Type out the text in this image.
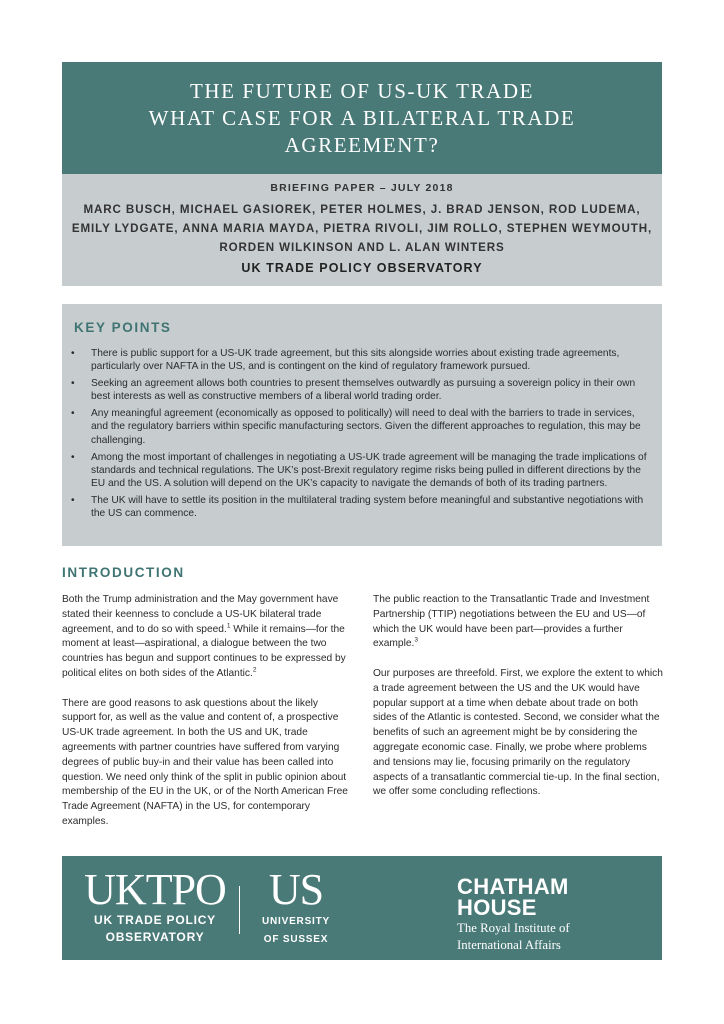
THE FUTURE OF US-UK TRADE
WHAT CASE FOR A BILATERAL TRADE
AGREEMENT?
BRIEFING PAPER – JULY 2018
MARC BUSCH, MICHAEL GASIOREK, PETER HOLMES, J. BRAD JENSON, ROD LUDEMA,
EMILY LYDGATE, ANNA MARIA MAYDA, PIETRA RIVOLI, JIM ROLLO, STEPHEN WEYMOUTH,
RORDEN WILKINSON AND L. ALAN WINTERS
UK TRADE POLICY OBSERVATORY
KEY POINTS
•	There is public support for a US-UK trade agreement, but this sits alongside worries about existing trade agreements, particularly over NAFTA in the US, and is contingent on the kind of regulatory framework pursued.
•	Seeking an agreement allows both countries to present themselves outwardly as pursuing a sovereign policy in their own best interests as well as constructive members of a liberal world trading order.
•	Any meaningful agreement (economically as opposed to politically) will need to deal with the barriers to trade in services, and the regulatory barriers within specific manufacturing sectors. Given the different approaches to regulation, this may be challenging.
•	Among the most important of challenges in negotiating a US-UK trade agreement will be managing the trade implications of standards and technical regulations. The UK’s post-Brexit regulatory regime risks being pulled in different directions by the EU and the US. A solution will depend on the UK’s capacity to navigate the demands of both of its trading partners.
•	The UK will have to settle its position in the multilateral trading system before meaningful and substantive negotiations with the US can commence.
INTRODUCTION

Both the Trump administration and the May government have stated their keenness to conclude a US-UK bilateral trade agreement, and to do so with speed.$^1$ While it remains—for the moment at least—aspirational, a dialogue between the two countries has begun and support continues to be expressed by political elites on both sides of the Atlantic.$^2$

There are good reasons to ask questions about the likely support for, as well as the value and content of, a prospective US-UK trade agreement. In both the US and UK, trade agreements with partner countries have suffered from varying degrees of public buy-in and their value has been called into question. We need only think of the split in public opinion about membership of the EU in the UK, or of the North American Free Trade Agreement (NAFTA) in the US, for contemporary examples.

The public reaction to the Transatlantic Trade and Investment Partnership (TTIP) negotiations between the EU and US—of which the UK would have been part—provides a further example.$^3$

Our purposes are threefold. First, we explore the extent to which a trade agreement between the US and the UK would have popular support at a time when debate about trade on both sides of the Atlantic is contested. Second, we consider what the benefits of such an agreement might be by considering the aggregate economic case. Finally, we probe where problems and tensions may lie, focusing primarily on the regulatory aspects of a transatlantic commercial tie-up. In the final section, we offer some concluding reflections.

UKTPO
UK TRADE POLICY
OBSERVATORY
US
UNIVERSITY
OF SUSSEX
CHATHAM
HOUSE
The Royal Institute of
International Affairs
